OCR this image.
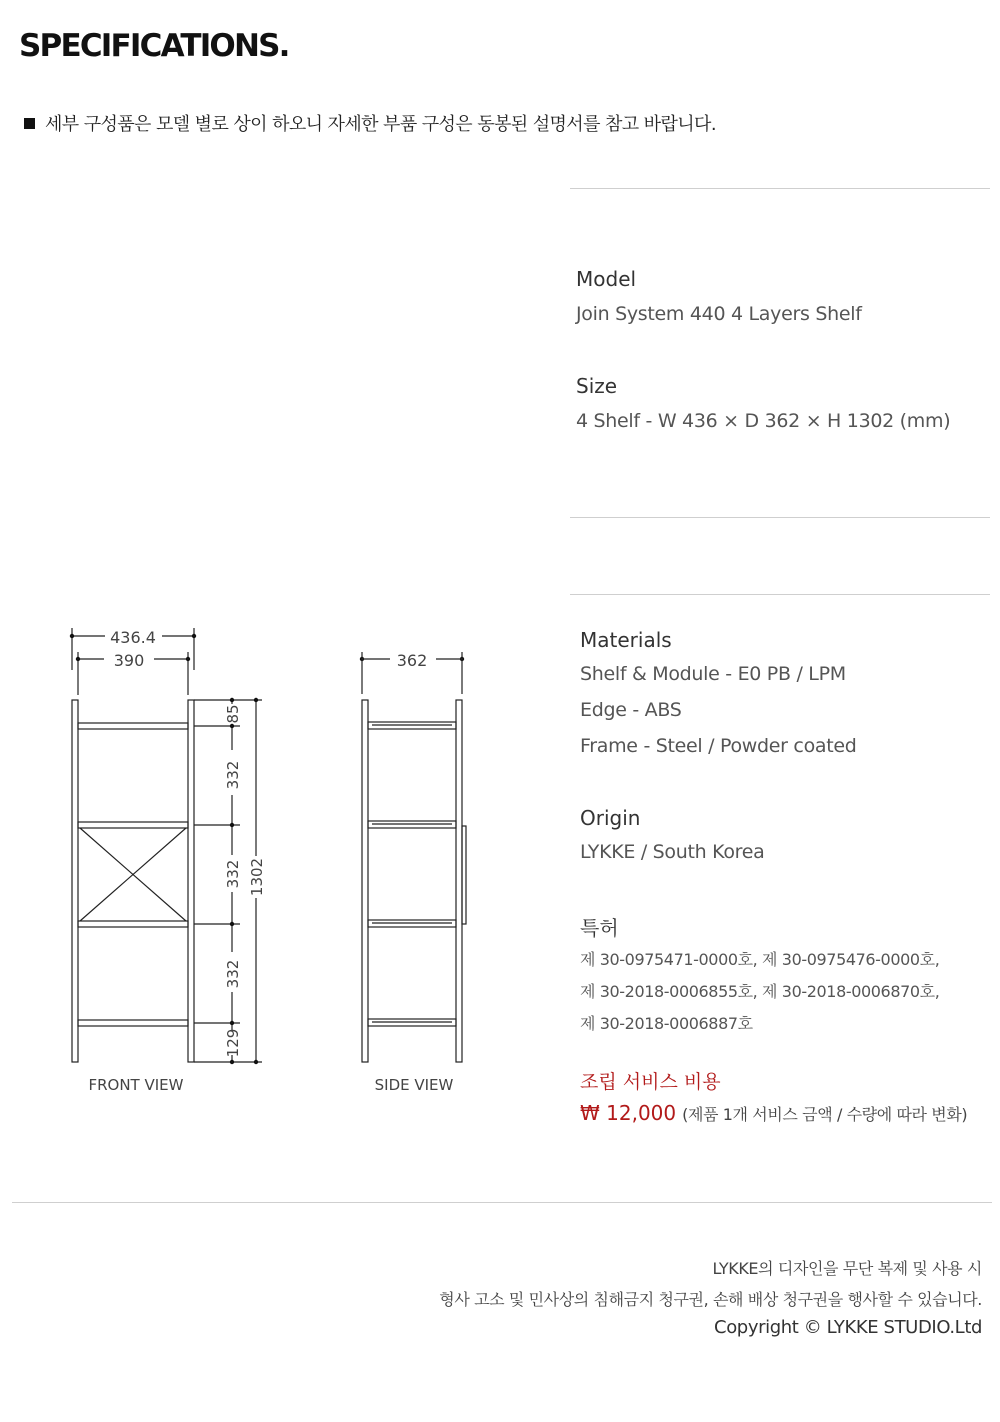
SPECIFICATIONS.
세부 구성품은 모델 별로 상이 하오니 자세한 부품 구성은 동봉된 설명서를 참고 바랍니다.
Model
Join System 440 4 Layers Shelf
Size
4 Shelf - W 436 × D 362 × H 1302 (mm)
Materials
Shelf & Module - E0 PB / LPM
Edge - ABS
Frame - Steel / Powder coated
Origin
LYKKE / South Korea
특허
제 30-0975471-0000호, 제 30-0975476-0000호,
제 30-2018-0006855호, 제 30-2018-0006870호,
제 30-2018-0006887호
조립 서비스 비용
₩ 12,000 (제품 1개 서비스 금액 / 수량에 따라 변화)
436.4
390
85
332
332
332
129
1302
FRONT VIEW
362
SIDE VIEW
LYKKE의 디자인을 무단 복제 및 사용 시
형사 고소 및 민사상의 침해금지 청구권, 손해 배상 청구권을 행사할 수 있습니다.
Copyright © LYKKE STUDIO.Ltd
